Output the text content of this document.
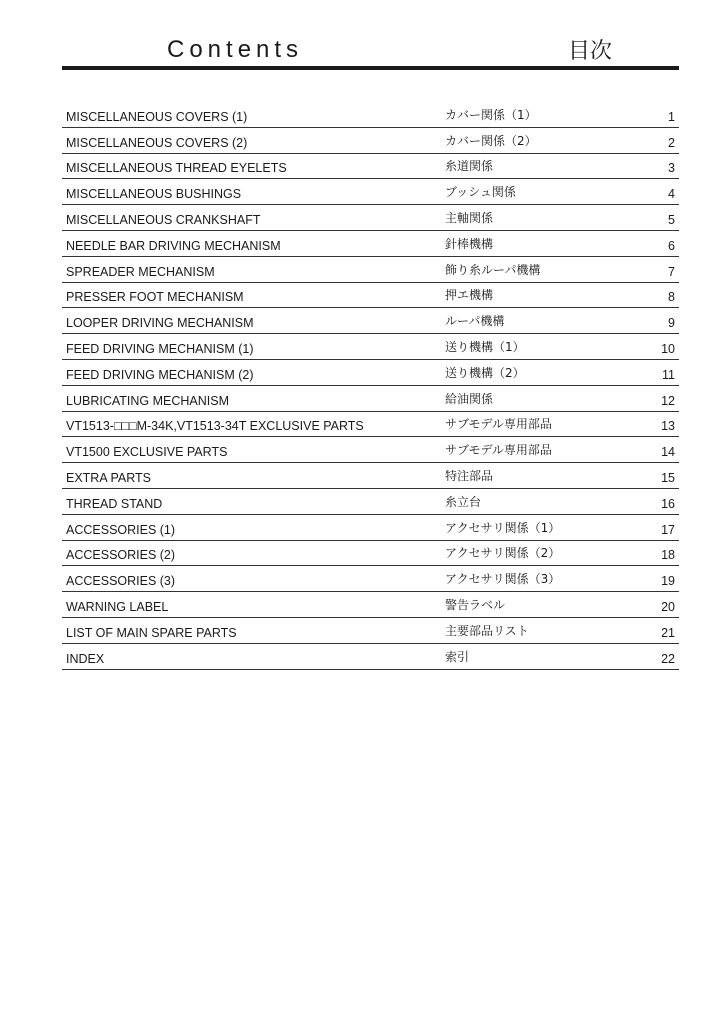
Contents	目次
MISCELLANEOUS COVERS (1)	カバー関係（1）	1
MISCELLANEOUS COVERS (2)	カバー関係（2）	2
MISCELLANEOUS THREAD EYELETS	糸道関係	3
MISCELLANEOUS BUSHINGS	ブッシュ関係	4
MISCELLANEOUS CRANKSHAFT	主軸関係	5
NEEDLE BAR DRIVING MECHANISM	針棒機構	6
SPREADER MECHANISM	飾り糸ルーパ機構	7
PRESSER FOOT MECHANISM	押エ機構	8
LOOPER DRIVING MECHANISM	ルーパ機構	9
FEED DRIVING MECHANISM (1)	送り機構（1）	10
FEED DRIVING MECHANISM (2)	送り機構（2）	11
LUBRICATING MECHANISM	給油関係	12
VT1513-□□□M-34K,VT1513-34T EXCLUSIVE PARTS	サブモデル専用部品	13
VT1500 EXCLUSIVE PARTS	サブモデル専用部品	14
EXTRA PARTS	特注部品	15
THREAD STAND	糸立台	16
ACCESSORIES (1)	アクセサリ関係（1）	17
ACCESSORIES (2)	アクセサリ関係（2）	18
ACCESSORIES (3)	アクセサリ関係（3）	19
WARNING LABEL	警告ラベル	20
LIST OF MAIN SPARE PARTS	主要部品リスト	21
INDEX	索引	22
